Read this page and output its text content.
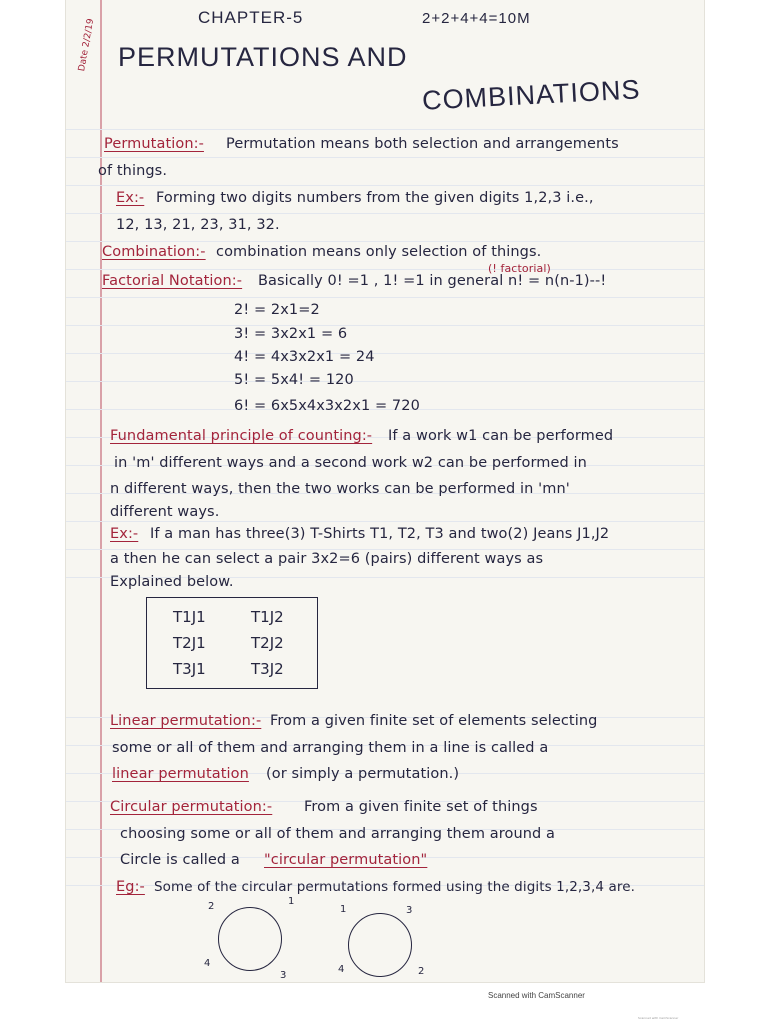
Date 2/2/19
CHAPTER-5	2+2+4+4=10M
PERMUTATIONS AND
COMBINATIONS
Permutation:- Permutation means both selection and arrangements
of things.
Ex:- Forming two digits numbers from the given digits 1,2,3 i.e.,
12, 13, 21, 23, 31, 32.
Combination:- combination means only selection of things.
(! factorial)
Factorial Notation:- Basically 0! =1 , 1! =1 in general n! = n(n-1)--!
2! = 2x1=2
3! = 3x2x1 = 6
4! = 4x3x2x1 = 24
5! = 5x4! = 120
6! = 6x5x4x3x2x1 = 720
Fundamental principle of counting:- If a work w1 can be performed
in 'm' different ways and a second work w2 can be performed in
n different ways, then the two works can be performed in 'mn'
different ways.
Ex:- If a man has three(3) T-Shirts T1, T2, T3 and two(2) Jeans J1,J2
a then he can select a pair 3x2=6 (pairs) different ways as
Explained below.
T1J1	T1J2
T2J1	T2J2
T3J1	T3J2
Linear permutation:- From a given finite set of elements selecting
some or all of them and arranging them in a line is called a
linear permutation (or simply a permutation.)
Circular permutation:- From a given finite set of things
choosing some or all of them and arranging them around a
Circle is called a "circular permutation"
Eg:- Some of the circular permutations formed using the digits 1,2,3,4 are.
2	1
4
3
1	3
4	2
Scanned with CamScanner
Scanned with CamScanner
